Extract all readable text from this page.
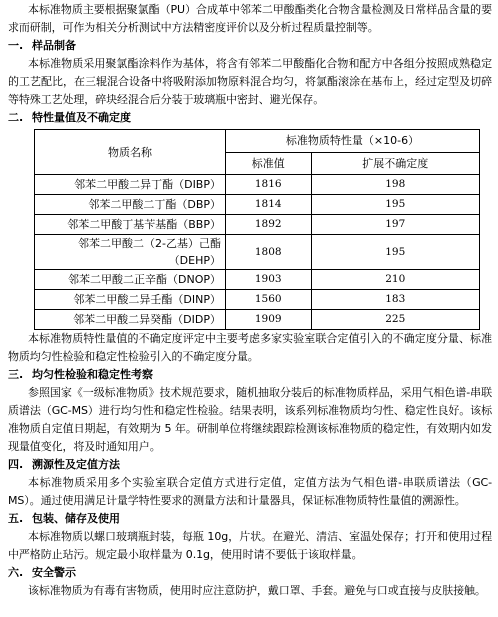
本标准物质主要根据聚氯酯（PU）合成革中邻苯二甲酸酯类化合物含量检测及日常样品含量的要求而研制，可作为相关分析测试中方法精密度评价以及分析过程质量控制等。

一. 样品制备

本标准物质采用聚氯酯涂料作为基体，将含有邻苯二甲酸酯化合物和配方中各组分按照成熟稳定的工艺配比，在三辊混合设备中将吸附添加物原料混合均匀，将氯酯滚涂在基布上，经过定型及切碎等特殊工艺处理，碎块经混合后分装于玻璃瓶中密封、避光保存。

二. 特性量值及不确定度
物质名称	标准物质特性量（×10-6）	
	标准值	扩展不确定度
邻苯二甲酸二异丁酯（DIBP）	1816	198
邻苯二甲酸二丁酯（DBP）	1814	195
邻苯二甲酸丁基苄基酯（BBP）	1892	197
邻苯二甲酸二（2-乙基）己酯（DEHP）	1808	195
邻苯二甲酸二正辛酯（DNOP）	1903	210
邻苯二甲酸二异壬酯（DINP）	1560	183
邻苯二甲酸二异癸酯（DIDP）	1909	225

本标准物质特性量值的不确定度评定中主要考虑多家实验室联合定值引入的不确定度分量、标准物质均匀性检验和稳定性检验引入的不确定度分量。

三. 均匀性检验和稳定性考察

参照国家《一级标准物质》技术规范要求，随机抽取分装后的标准物质样品，采用气相色谱-串联质谱法（GC-MS）进行均匀性和稳定性检验。结果表明，该系列标准物质均匀性、稳定性良好。该标准物质自定值日期起，有效期为 5 年。研制单位将继续跟踪检测该标准物质的稳定性，有效期内如发现量值变化，将及时通知用户。

四. 溯源性及定值方法

本标准物质采用多个实验室联合定值方式进行定值，定值方法为气相色谱-串联质谱法（GC-MS）。通过使用满足计量学特性要求的测量方法和计量器具，保证标准物质特性量值的溯源性。

五. 包装、储存及使用

本标准物质以螺口玻璃瓶封装，每瓶 10g，片状。在避光、清洁、室温处保存；打开和使用过程中严格防止玷污。规定最小取样量为 0.1g，使用时请不要低于该取样量。

六. 安全警示

该标准物质为有毒有害物质，使用时应注意防护，戴口罩、手套。避免与口或直接与皮肤接触。
